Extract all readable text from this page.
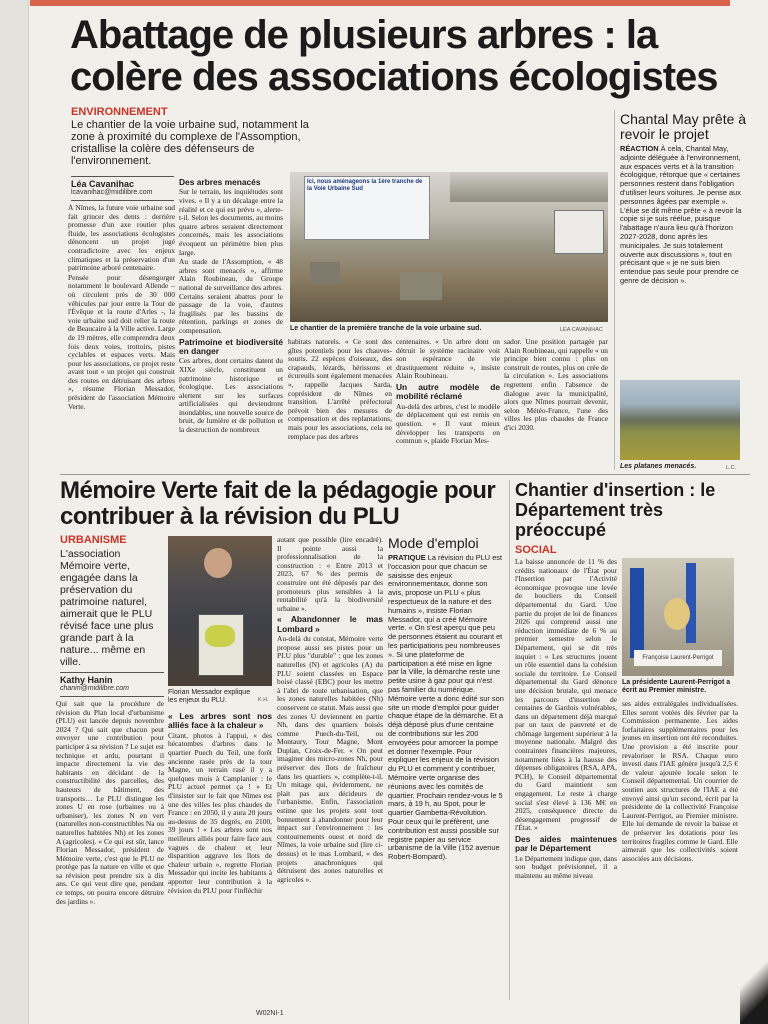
Abattage de plusieurs arbres : la colère des associations écologistes
ENVIRONNEMENT
Le chantier de la voie urbaine sud, notamment la zone à proximité du complexe de l'Assomption, cristallise la colère des défenseurs de l'environnement.
Léa Cavanihac
lcavanihac@midilibre.com

À Nîmes, la future voie urbaine sud fait grincer des dents : derrière promesse d'un axe routier plus fluide, les associations écologistes dénoncent un projet jugé contradictoire avec les enjeux climatiques et la préservation d'un patrimoine arboré centenaire.

Pensée pour désengorger notamment le boulevard Allende – où circulent près de 30 000 véhicules par jour entre la Tour de l'Évêque et la route d'Arles -, la voie urbaine sud doit relier la route de Beaucaire à la Ville active. Large de 19 mètres, elle comprendra deux fois deux voies, trottoirs, pistes cyclables et espaces verts. Mais pour les associations, ce projet reste avant tout « un projet qui construit des routes en détruisant des arbres », résume Florian Messador, président de l'association Mémoire Verte.

Des arbres menacés

Sur le terrain, les inquiétudes sont vives. « Il y a un décalage entre la réalité et ce qui est prévu », alerte-t-il. Selon les documents, au moins quatre arbres seraient directement concernés, mais les associations évoquent un périmètre bien plus large.

Au stade de l'Assomption, « 48 arbres sont menacés », affirme Alain Roubineau, du Groupe national de surveillance des arbres. Certains seraient abattus pour le passage de la voie, d'autres fragilisés par les bassins de rétention, parkings et zones de compensation.

Patrimoine et biodiversité en danger

Ces arbres, dont certains datent du XIXe siècle, constituent un patrimoine historique et écologique. Les associations alertent sur les surfaces artificialisées qui deviendront inondables, une nouvelle source de bruit, de lumière et de pollution et la destruction de nombreux

Ici, nous aménageons la 1ère tranche de la Voie Urbaine Sud
Le chantier de la première tranche de la voie urbaine sud.	LÉA CAVANIHAC

habitats naturels. « Ce sont des gîtes potentiels pour les chauves-souris. 22 espèces d'oiseaux, des crapauds, lézards, hérissons et écureuils sont également menacées », rappelle Jacques Sarda, coprésident de Nîmes en transition. L'arrêté préfectoral prévoit bien des mesures de compensation et des replantations, mais pour les associations, cela ne remplace pas des arbres

centenaires. « Un arbre dont on détruit le système racinaire voit son espérance de vie drastiquement réduite », insiste Alain Roubineau.

Un autre modèle de mobilité réclamé

Au-delà des arbres, c'est le modèle de déplacement qui est remis en question. « Il vaut mieux développer les transports en commun », plaide Florian Mes-

sador. Une position partagée par Alain Roubineau, qui rappelle « un principe bien connu : plus on construit de routes, plus on crée de la circulation ». Les associations regrettent enfin l'absence de dialogue avec la municipalité, alors que Nîmes pourrait devenir, selon Météo-France, l'une des villes les plus chaudes de France d'ici 2030.

Chantal May prête à revoir le projet
RÉACTION À cela, Chantal May, adjointe déléguée à l'environnement, aux espaces verts et à la transition écologique, rétorque que « certaines personnes restent dans l'obligation d'utiliser leurs voitures. Je pense aux personnes âgées par exemple ». L'élue se dit même prête « à revoir la copie si je suis réélue, puisque l'abattage n'aura lieu qu'à l'horizon 2027-2028, donc après les municipales. Je suis totalement ouverte aux discussions », tout en précisant que « je ne suis bien entendue pas seule pour prendre ce genre de décision ».
Les platanes menacés.	L.C.
Mémoire Verte fait de la pédagogie pour contribuer à la révision du PLU
URBANISME
L'association Mémoire verte, engagée dans la préservation du patrimoine naturel, aimerait que le PLU révisé face une plus grande part à la nature... même en ville.
Kathy Hanin
chanin@midilibre.com

Qui sait que la procédure de révision du Plan local d'urbanisme (PLU) est lancée depuis novembre 2024 ? Qui sait que chacun peut envoyer une contribution pour participer à sa révision ? Le sujet est technique et ardu, pourtant il impacte directement la vie des habitants en décidant de la constructibilité des parcelles, des hauteurs de bâtiment, des transports… Le PLU distingue les zones U en rose (urbaines ou à urbaniser), les zones N en vert (naturelles non-constructibles Na ou naturelles habitées Nh) et les zones A (agricoles). « Ce qui est sûr, lance Florian Messador, président de Mémoire verte, c'est que le PLU ne protège pas la nature en ville et que sa révision peut prendre six à dix ans. Ce qui veut dire que, pendant ce temps, on pourra encore détruire des jardins ».

Florian Messador explique les enjeux du PLU.	K.H.
« Les arbres sont nos alliés face à la chaleur »

Citant, photos à l'appui, « des hécatombes d'arbres dans le quartier Puech du Teil, une forêt ancienne rasée près de la tour Magne, un terrain rasé il y a quelques mois à Camplanier : le PLU actuel permet ça ! » Et d'insister sur le fait que Nîmes est une des villes les plus chaudes de France : en 2050, il y aura 20 jours au-dessus de 35 degrés, en 2100, 39 jours ! « Les arbres sont nos meilleurs alliés pour faire face aux vagues de chaleur et leur disparition aggrave les îlots de chaleur urbain », regrette Florian Messador qui incite les habitants à apporter leur contribution à la révision du PLU pour l'infléchir

autant que possible (lire encadré). Il pointe aussi la professionnalisation de la construction : « Entre 2013 et 2023, 67 % des permis de construire ont été déposés par des promoteurs plus sensibles à la rentabilité qu'à la biodiversité urbaine ».

« Abandonner le mas Lombard »

Au-delà du constat, Mémoire verte propose aussi ses pistes pour un PLU plus "durable" : que les zones naturelles (N) et agricoles (A) du PLU soient classées en Espace boisé classé (EBC) pour les mettre à l'abri de toute urbanisation, que les zones naturelles habitées (Nh) conservent ce statut. Mais aussi que des zones U deviennent en partie Nh, dans des quartiers boisés comme Puech-du-Teil, ou Montaury, Tour Magne, Mont Duplan, Croix-de-Fer. « On peut imaginer des micro-zones Nh, pour préserver des îlots de fraîcheur dans les quartiers », complète-t-il. Un mitage qui, évidemment, ne plait pas aux décideurs de l'urbanisme. Enfin, l'association estime que les projets sont tout bonnement à abandonner pour leur impact sur l'environnement : les contournements ouest et nord de Nîmes, la voie urbaine sud (lire ci-dessus) et le mas Lombard, « des projets anachroniques qui détruisent des zones naturelles et agricoles ».

Mode d'emploi
PRATIQUE La révision du PLU est l'occasion pour que chacun se saisisse des enjeux environnementaux, donne son avis, propose un PLU « plus respectueux de la nature et des humains », insiste Florian Messador, qui a créé Mémoire verte. « On s'est aperçu que peu de personnes étaient au courant et les participations peu nombreuses ». Si une plateforme de participation a été mise en ligne par la Ville, la démarche reste une petite usine à gaz pour qui n'est pas familier du numérique. Mémoire verte a donc édité sur son site un mode d'emploi pour guider chaque étape de la démarche. Et a déjà déposé plus d'une centaine de contributions sur les 200 envoyées pour amorcer la pompe et donner l'exemple. Pour expliquer les enjeux de la révision du PLU et comment y contribuer, Mémoire verte organise des réunions avec les comités de quartier. Prochain rendez-vous le 5 mars, à 19 h, au Spot, pour le quartier Gambetta-Révolution. Pour ceux qui le préfèrent, une contribution est aussi possible sur registre papier au service urbanisme de la Ville (152 avenue Robert-Bompard).
Chantier d'insertion : le Département très préoccupé
SOCIAL

La baisse annoncée de 11 % des crédits nationaux de l'État pour l'Insertion par l'Activité économique provoque une levée de boucliers du Conseil départemental du Gard. Une partie du projet de loi de finances 2026 qui comprend aussi une réduction immédiate de 6 % au premier semestre selon le Département, qui se dit très inquiet : « Les structures jouent un rôle essentiel dans la cohésion sociale du territoire. Le Conseil départemental du Gard dénonce une décision brutale, qui menace les parcours d'insertion de centaines de Gardois vulnérables, dans un département déjà marqué par un taux de pauvreté et de chômage largement supérieur à la moyenne nationale. Malgré des contraintes financières majeures, notamment liées à la hausse des dépenses obligatoires (RSA, APA, PCH), le Conseil départemental du Gard maintient son engagement. Le reste à charge social s'est élevé à 136 M€ en 2025, conséquence directe du désengagement progressif de l'État. »

Des aides maintenues par le Département

Le Département indique que, dans son budget prévisionnel, il a maintenu au même niveau

Françoise Laurent-Perrigot
La présidente Laurent-Perrigot a écrit au Premier ministre.

ses aides extralégales individualisées. Elles seront votées dès février par la Commission permanente. Les aides forfaitaires supplémentaires pour les jeunes en insertion ont été reconduites. Une provision a été inscrite pour revaloriser le RSA. Chaque euro investi dans l'IAE génère jusqu'à 2,5 € de valeur ajoutée locale selon le Conseil départemental. Un courrier de soutien aux structures de l'IAE a été envoyé ainsi qu'un second, écrit par la présidente de la collectivité Françoise Laurent-Perrigot, au Premier ministre. Elle lui demande de revoir la baisse et de préserver les dotations pour les territoires fragiles comme le Gard. Elle aimerait que les collectivités soient associées aux décisions.

W02NI-1
